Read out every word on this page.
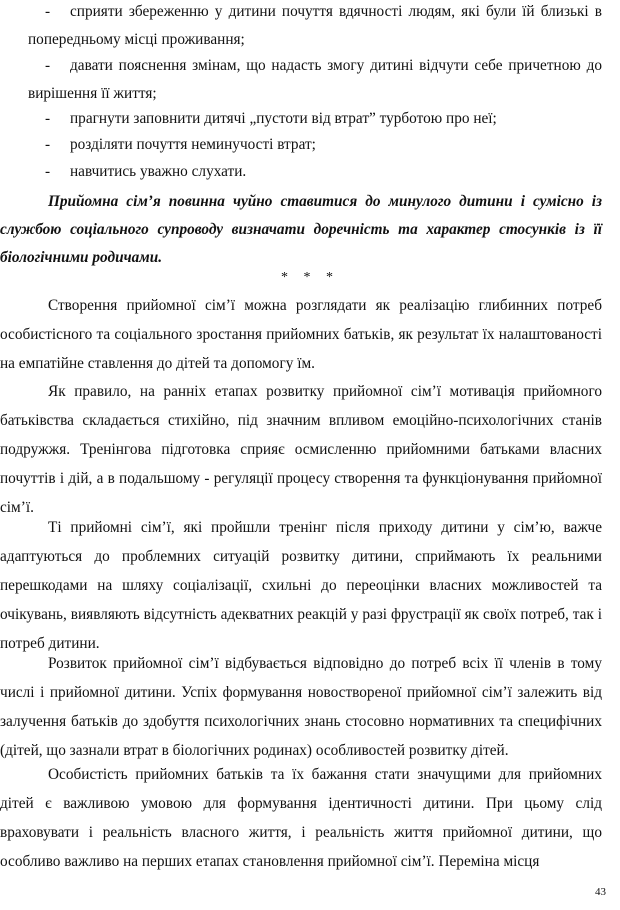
-	сприяти збереженню у дитини почуття вдячності людям, які були їй близькі в попередньому місці проживання;
-	давати пояснення змінам, що надасть змогу дитині відчути себе причетною до вирішення її життя;
-	прагнути заповнити дитячі „пустоти від втрат” турботою про неї;
-	розділяти почуття неминучості втрат;
-	навчитись уважно слухати.

Прийомна сім’я повинна чуйно ставитися до минулого дитини і сумісно із службою соціального супроводу визначати доречність та характер стосунків із її біологічними родичами.

* * *

Створення прийомної сім’ї можна розглядати як реалізацію глибинних потреб особистісного та соціального зростання прийомних батьків, як результат їх налаштованості на емпатійне ставлення до дітей та допомогу їм.

Як правило, на ранніх етапах розвитку прийомної сім’ї мотивація прийомного батьківства складається стихійно, під значним впливом емоційно-психологічних станів подружжя. Тренінгова підготовка сприяє осмисленню прийомними батьками власних почуттів і дій, а в подальшому - регуляції процесу створення та функціонування прийомної сім’ї.

Ті прийомні сім’ї, які пройшли тренінг після приходу дитини у сім’ю, важче адаптуються до проблемних ситуацій розвитку дитини, сприймають їх реальними перешкодами на шляху соціалізації, схильні до переоцінки власних можливостей та очікувань, виявляють відсутність адекватних реакцій у разі фрустрації як своїх потреб, так і потреб дитини.

Розвиток прийомної сім’ї відбувається відповідно до потреб всіх її членів в тому числі і прийомної дитини. Успіх формування новоствореної прийомної сім’ї залежить від залучення батьків до здобуття психологічних знань стосовно нормативних та специфічних (дітей, що зазнали втрат в біологічних родинах) особливостей розвитку дітей.

Особистість прийомних батьків та їх бажання стати значущими для прийомних дітей є важливою умовою для формування ідентичності дитини. При цьому слід враховувати і реальність власного життя, і реальність життя прийомної дитини, що особливо важливо на перших етапах становлення прийомної сім’ї. Переміна місця

43
